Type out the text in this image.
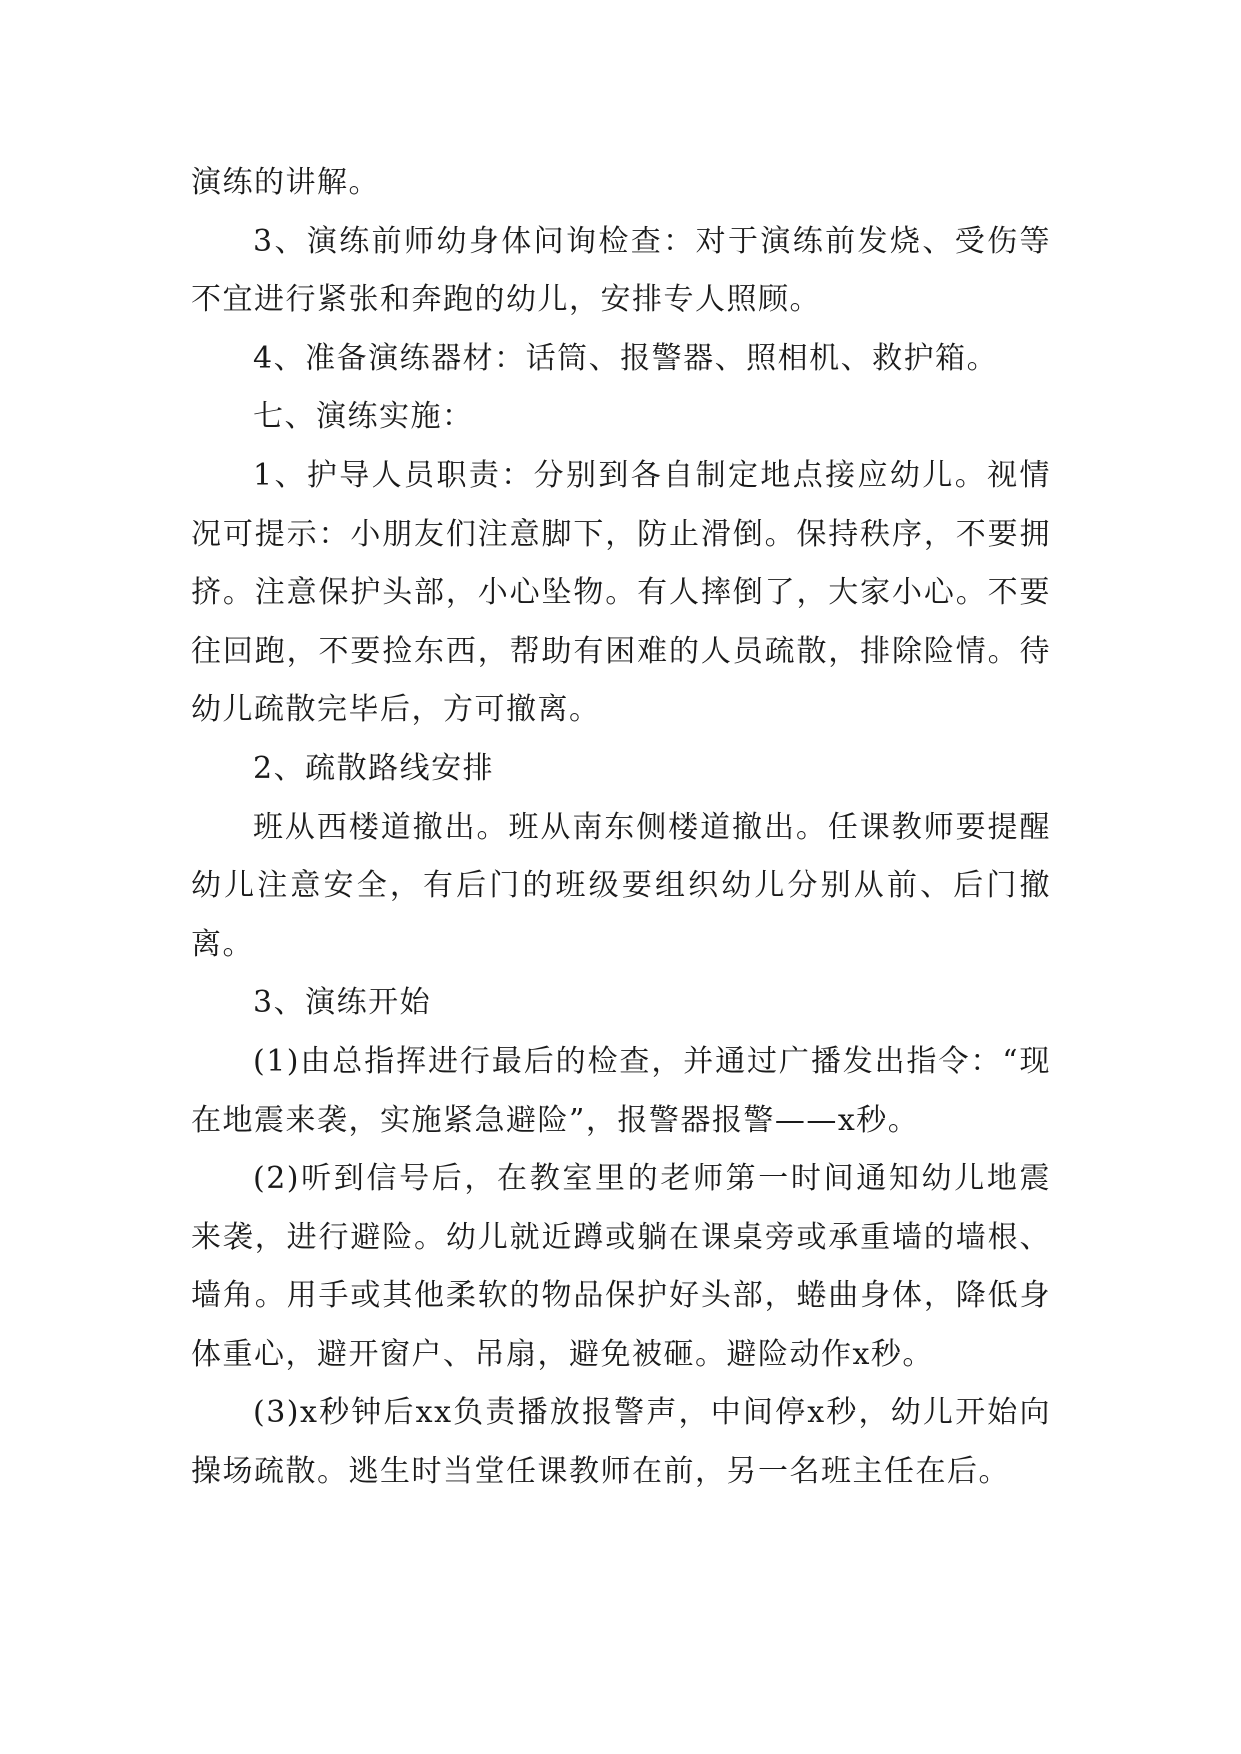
演练的讲解。

3、演练前师幼身体问询检查：对于演练前发烧、受伤等不宜进行紧张和奔跑的幼儿，安排专人照顾。

4、准备演练器材：话筒、报警器、照相机、救护箱。

七、演练实施：

1、护导人员职责：分别到各自制定地点接应幼儿。视情况可提示：小朋友们注意脚下，防止滑倒。保持秩序，不要拥挤。注意保护头部，小心坠物。有人摔倒了，大家小心。不要往回跑，不要捡东西，帮助有困难的人员疏散，排除险情。待幼儿疏散完毕后，方可撤离。

2、疏散路线安排

班从西楼道撤出。班从南东侧楼道撤出。任课教师要提醒幼儿注意安全，有后门的班级要组织幼儿分别从前、后门撤离。

3、演练开始

(1)由总指挥进行最后的检查，并通过广播发出指令：“现在地震来袭，实施紧急避险”，报警器报警——x秒。

(2)听到信号后，在教室里的老师第一时间通知幼儿地震来袭，进行避险。幼儿就近蹲或躺在课桌旁或承重墙的墙根、墙角。用手或其他柔软的物品保护好头部，蜷曲身体，降低身体重心，避开窗户、吊扇，避免被砸。避险动作x秒。

(3)x秒钟后xx负责播放报警声，中间停x秒，幼儿开始向操场疏散。逃生时当堂任课教师在前，另一名班主任在后。
